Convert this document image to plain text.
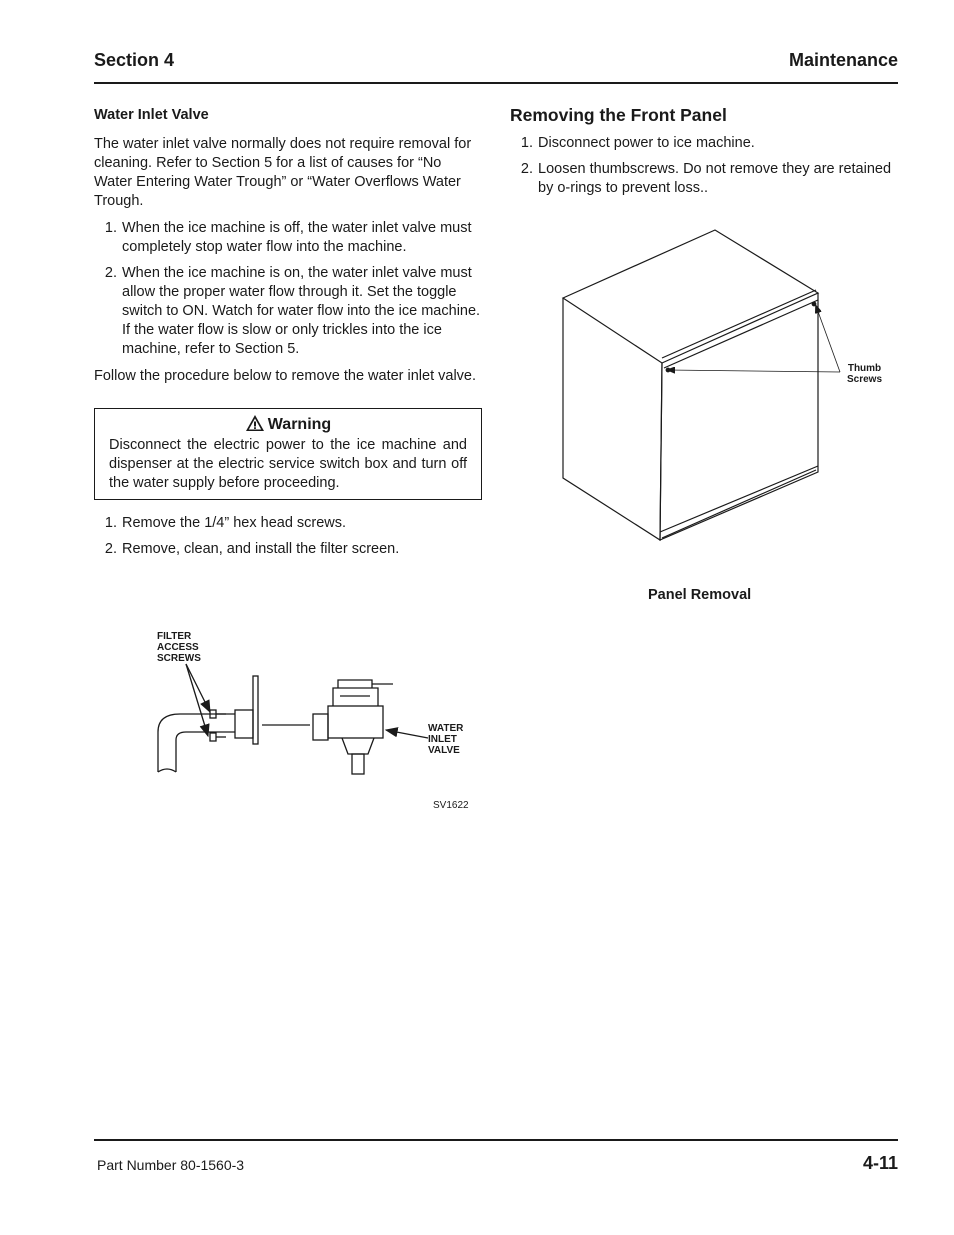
Section 4	Maintenance
Water Inlet Valve

The water inlet valve normally does not require removal for cleaning. Refer to Section 5 for a list of causes for “No Water Entering Water Trough” or “Water Overflows Water Trough.

1. When the ice machine is off, the water inlet valve must completely stop water flow into the machine.
2. When the ice machine is on, the water inlet valve must allow the proper water flow through it. Set the toggle switch to ON. Watch for water flow into the ice machine. If the water flow is slow or only trickles into the ice machine, refer to Section 5.

Follow the procedure below to remove the water inlet valve.

Warning
Disconnect the electric power to the ice machine and dispenser at the electric service switch box and turn off the water supply before proceeding.
1. Remove the 1/4” hex head screws.
2. Remove, clean, and install the filter screen.
FILTER
ACCESS
SCREWS
WATER
INLET
VALVE
SV1622
Removing the Front Panel
1. Disconnect power to ice machine.
2. Loosen thumbscrews. Do not remove they are retained by o-rings to prevent loss..
Thumb
Screws
Panel Removal
Part Number 80-1560-3	4-11
